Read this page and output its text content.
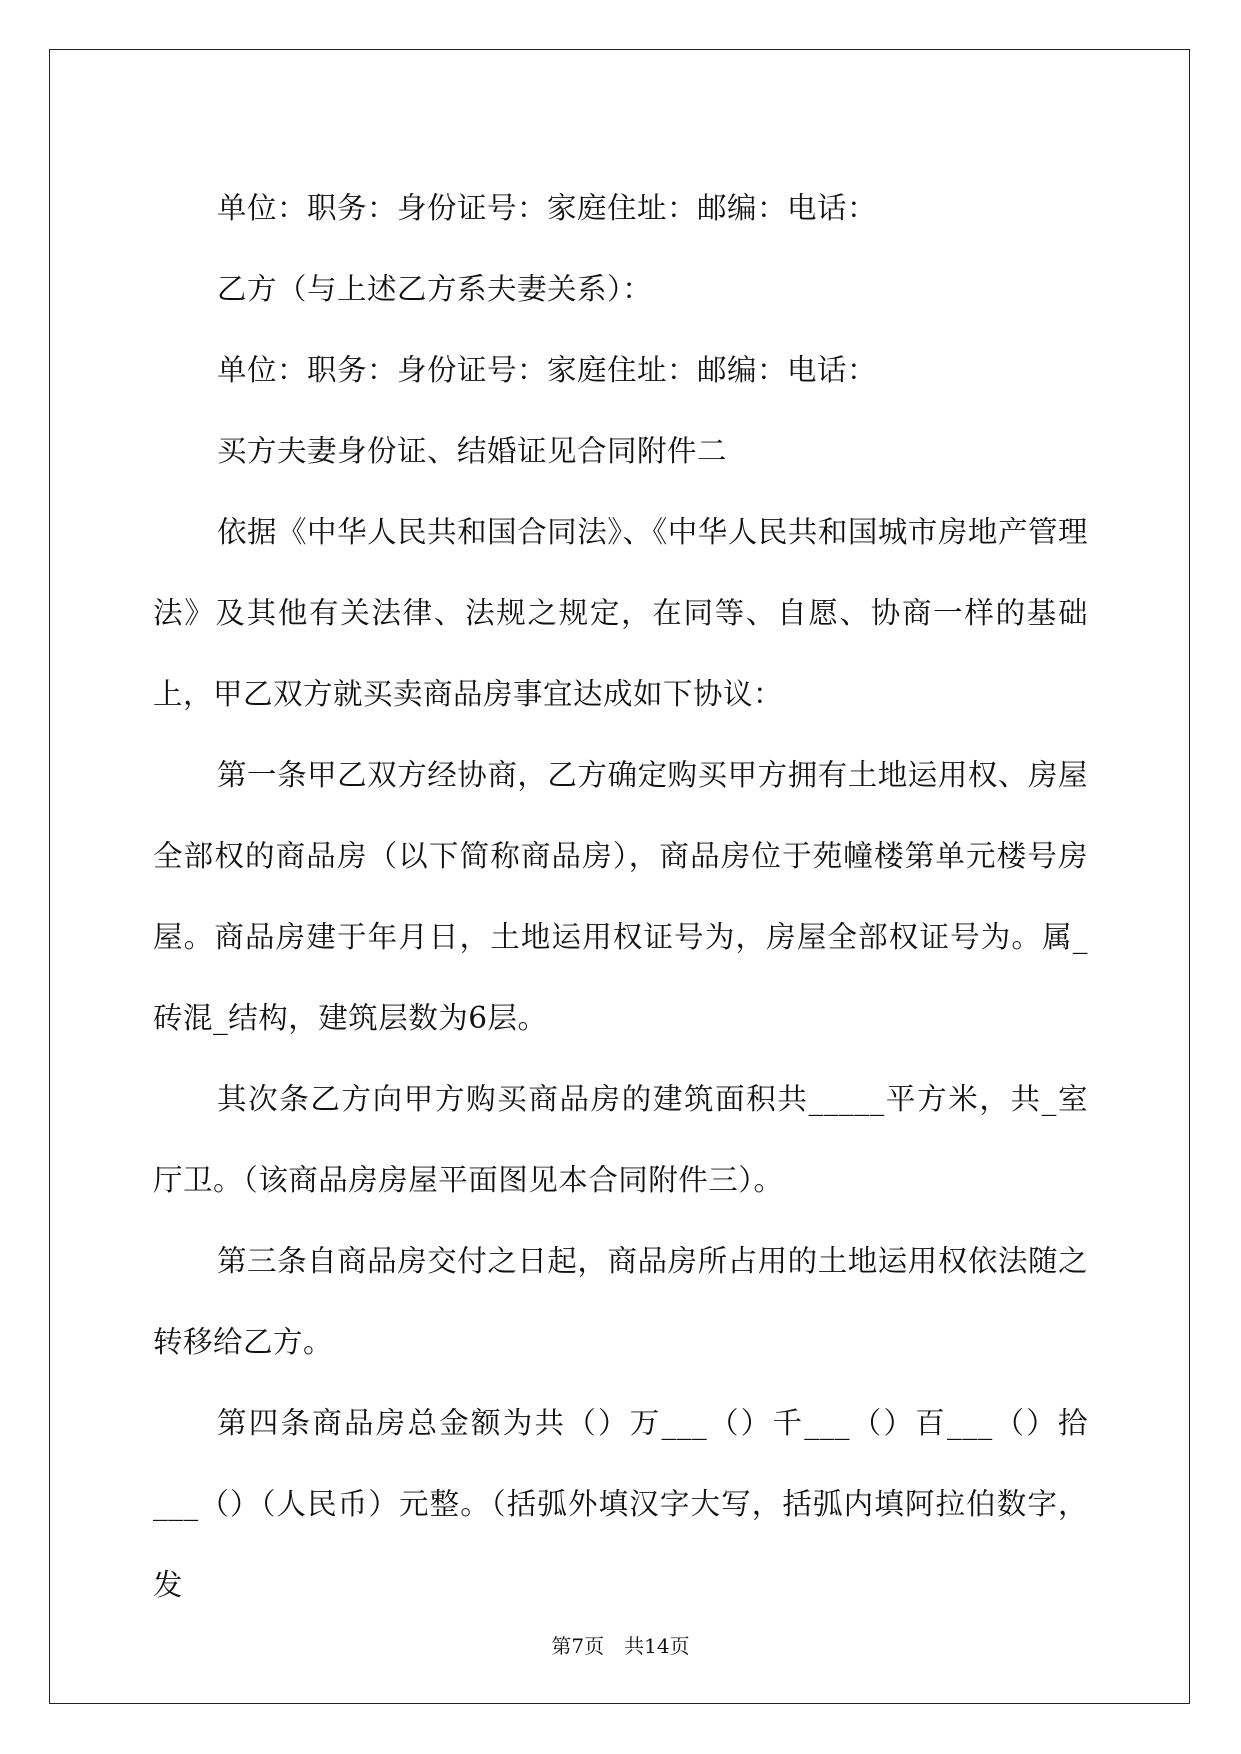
单位：职务：身份证号：家庭住址：邮编：电话：

乙方（与上述乙方系夫妻关系）：

单位：职务：身份证号：家庭住址：邮编：电话：

买方夫妻身份证、结婚证见合同附件二

依据《中华人民共和国合同法》、《中华人民共和国城市房地产管理法》及其他有关法律、法规之规定，在同等、自愿、协商一样的基础上，甲乙双方就买卖商品房事宜达成如下协议：

第一条甲乙双方经协商，乙方确定购买甲方拥有土地运用权、房屋全部权的商品房（以下简称商品房），商品房位于苑幢楼第单元楼号房屋。商品房建于年月日，土地运用权证号为，房屋全部权证号为。属_砖混_结构，建筑层数为6层。

其次条乙方向甲方购买商品房的建筑面积共_____平方米，共_室厅卫。（该商品房房屋平面图见本合同附件三）。

第三条自商品房交付之日起，商品房所占用的土地运用权依法随之转移给乙方。

第四条商品房总金额为共（）万___（）千___（）百___（）拾___（）（人民币）元整。（括弧外填汉字大写，括弧内填阿拉伯数字，发

第7页　共14页
